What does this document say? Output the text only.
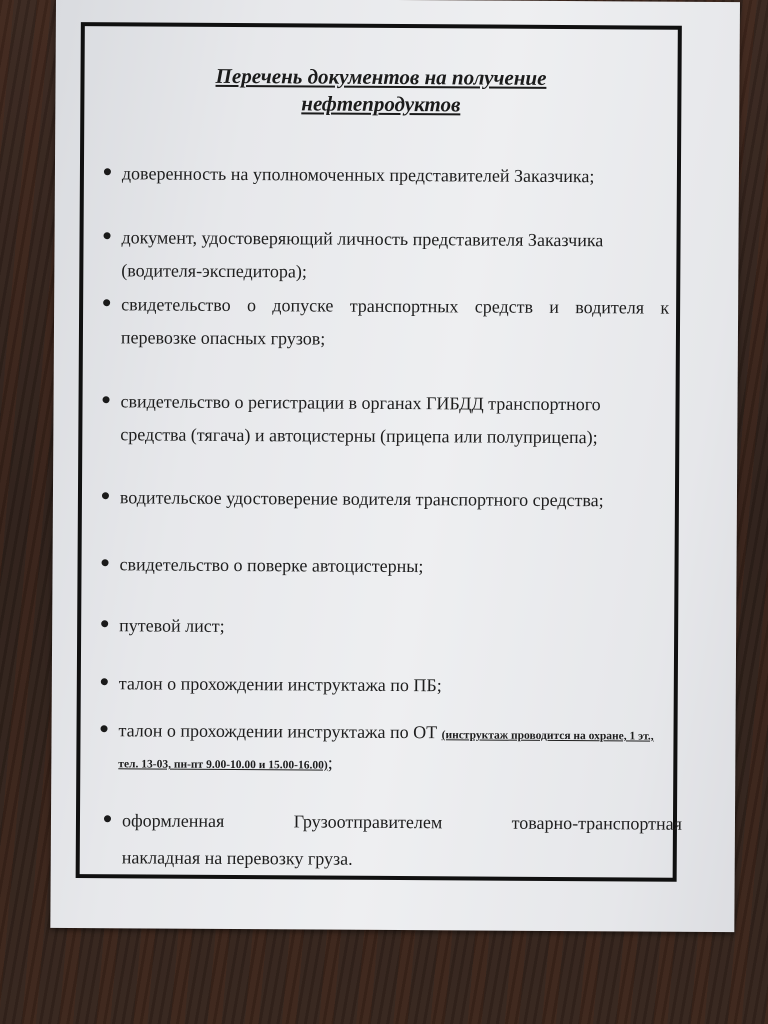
Перечень документов на получение
нефтепродуктов
доверенность на уполномоченных представителей Заказчика;
документ, удостоверяющий личность представителя Заказчика (водителя-экспедитора);
свидетельство о допуске транспортных средств и водителя к
перевозке опасных грузов;
свидетельство о регистрации в органах ГИБДД транспортного средства (тягача) и автоцистерны (прицепа или полуприцепа);
водительское удостоверение водителя транспортного средства;
свидетельство о поверке автоцистерны;
путевой лист;
талон о прохождении инструктажа по ПБ;
талон о прохождении инструктажа по ОТ (инструктаж проводится на охране, 1 эт., тел. 13-03, пн-пт 9.00-10.00 и 15.00-16.00);
оформленная Грузоотправителем товарно-транспортная
накладная на перевозку груза.
